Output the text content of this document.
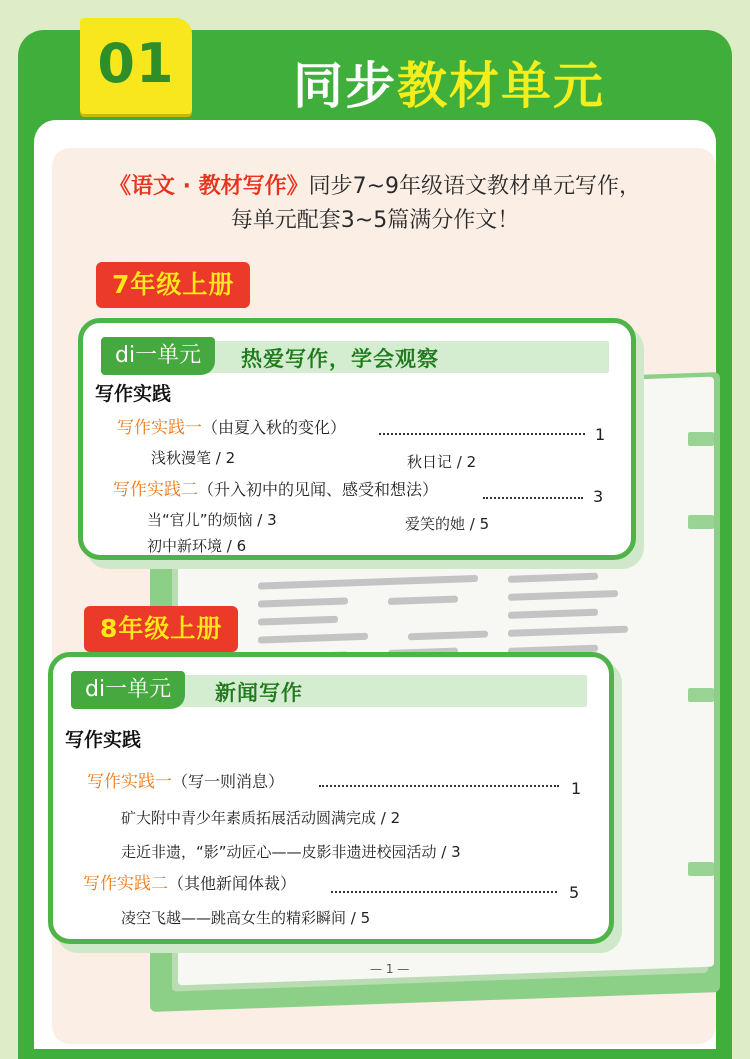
01	同步教材单元
《语文 · 教材写作》同步7~9年级语文教材单元写作，
每单元配套3~5篇满分作文！
— 1 —
7年级上册
di一单元	热爱写作，学会观察
写作实践
写作实践一（由夏入秋的变化）	1
浅秋漫笔 / 2	秋日记 / 2
写作实践二（升入初中的见闻、感受和想法）	3
当“官儿”的烦恼 / 3	爱笑的她 / 5
初中新环境 / 6
8年级上册
di一单元	新闻写作
写作实践
写作实践一（写一则消息）	1
矿大附中青少年素质拓展活动圆满完成 / 2
走近非遗，“影”动匠心——皮影非遗进校园活动 / 3
写作实践二（其他新闻体裁）	5
凌空飞越——跳高女生的精彩瞬间 / 5
